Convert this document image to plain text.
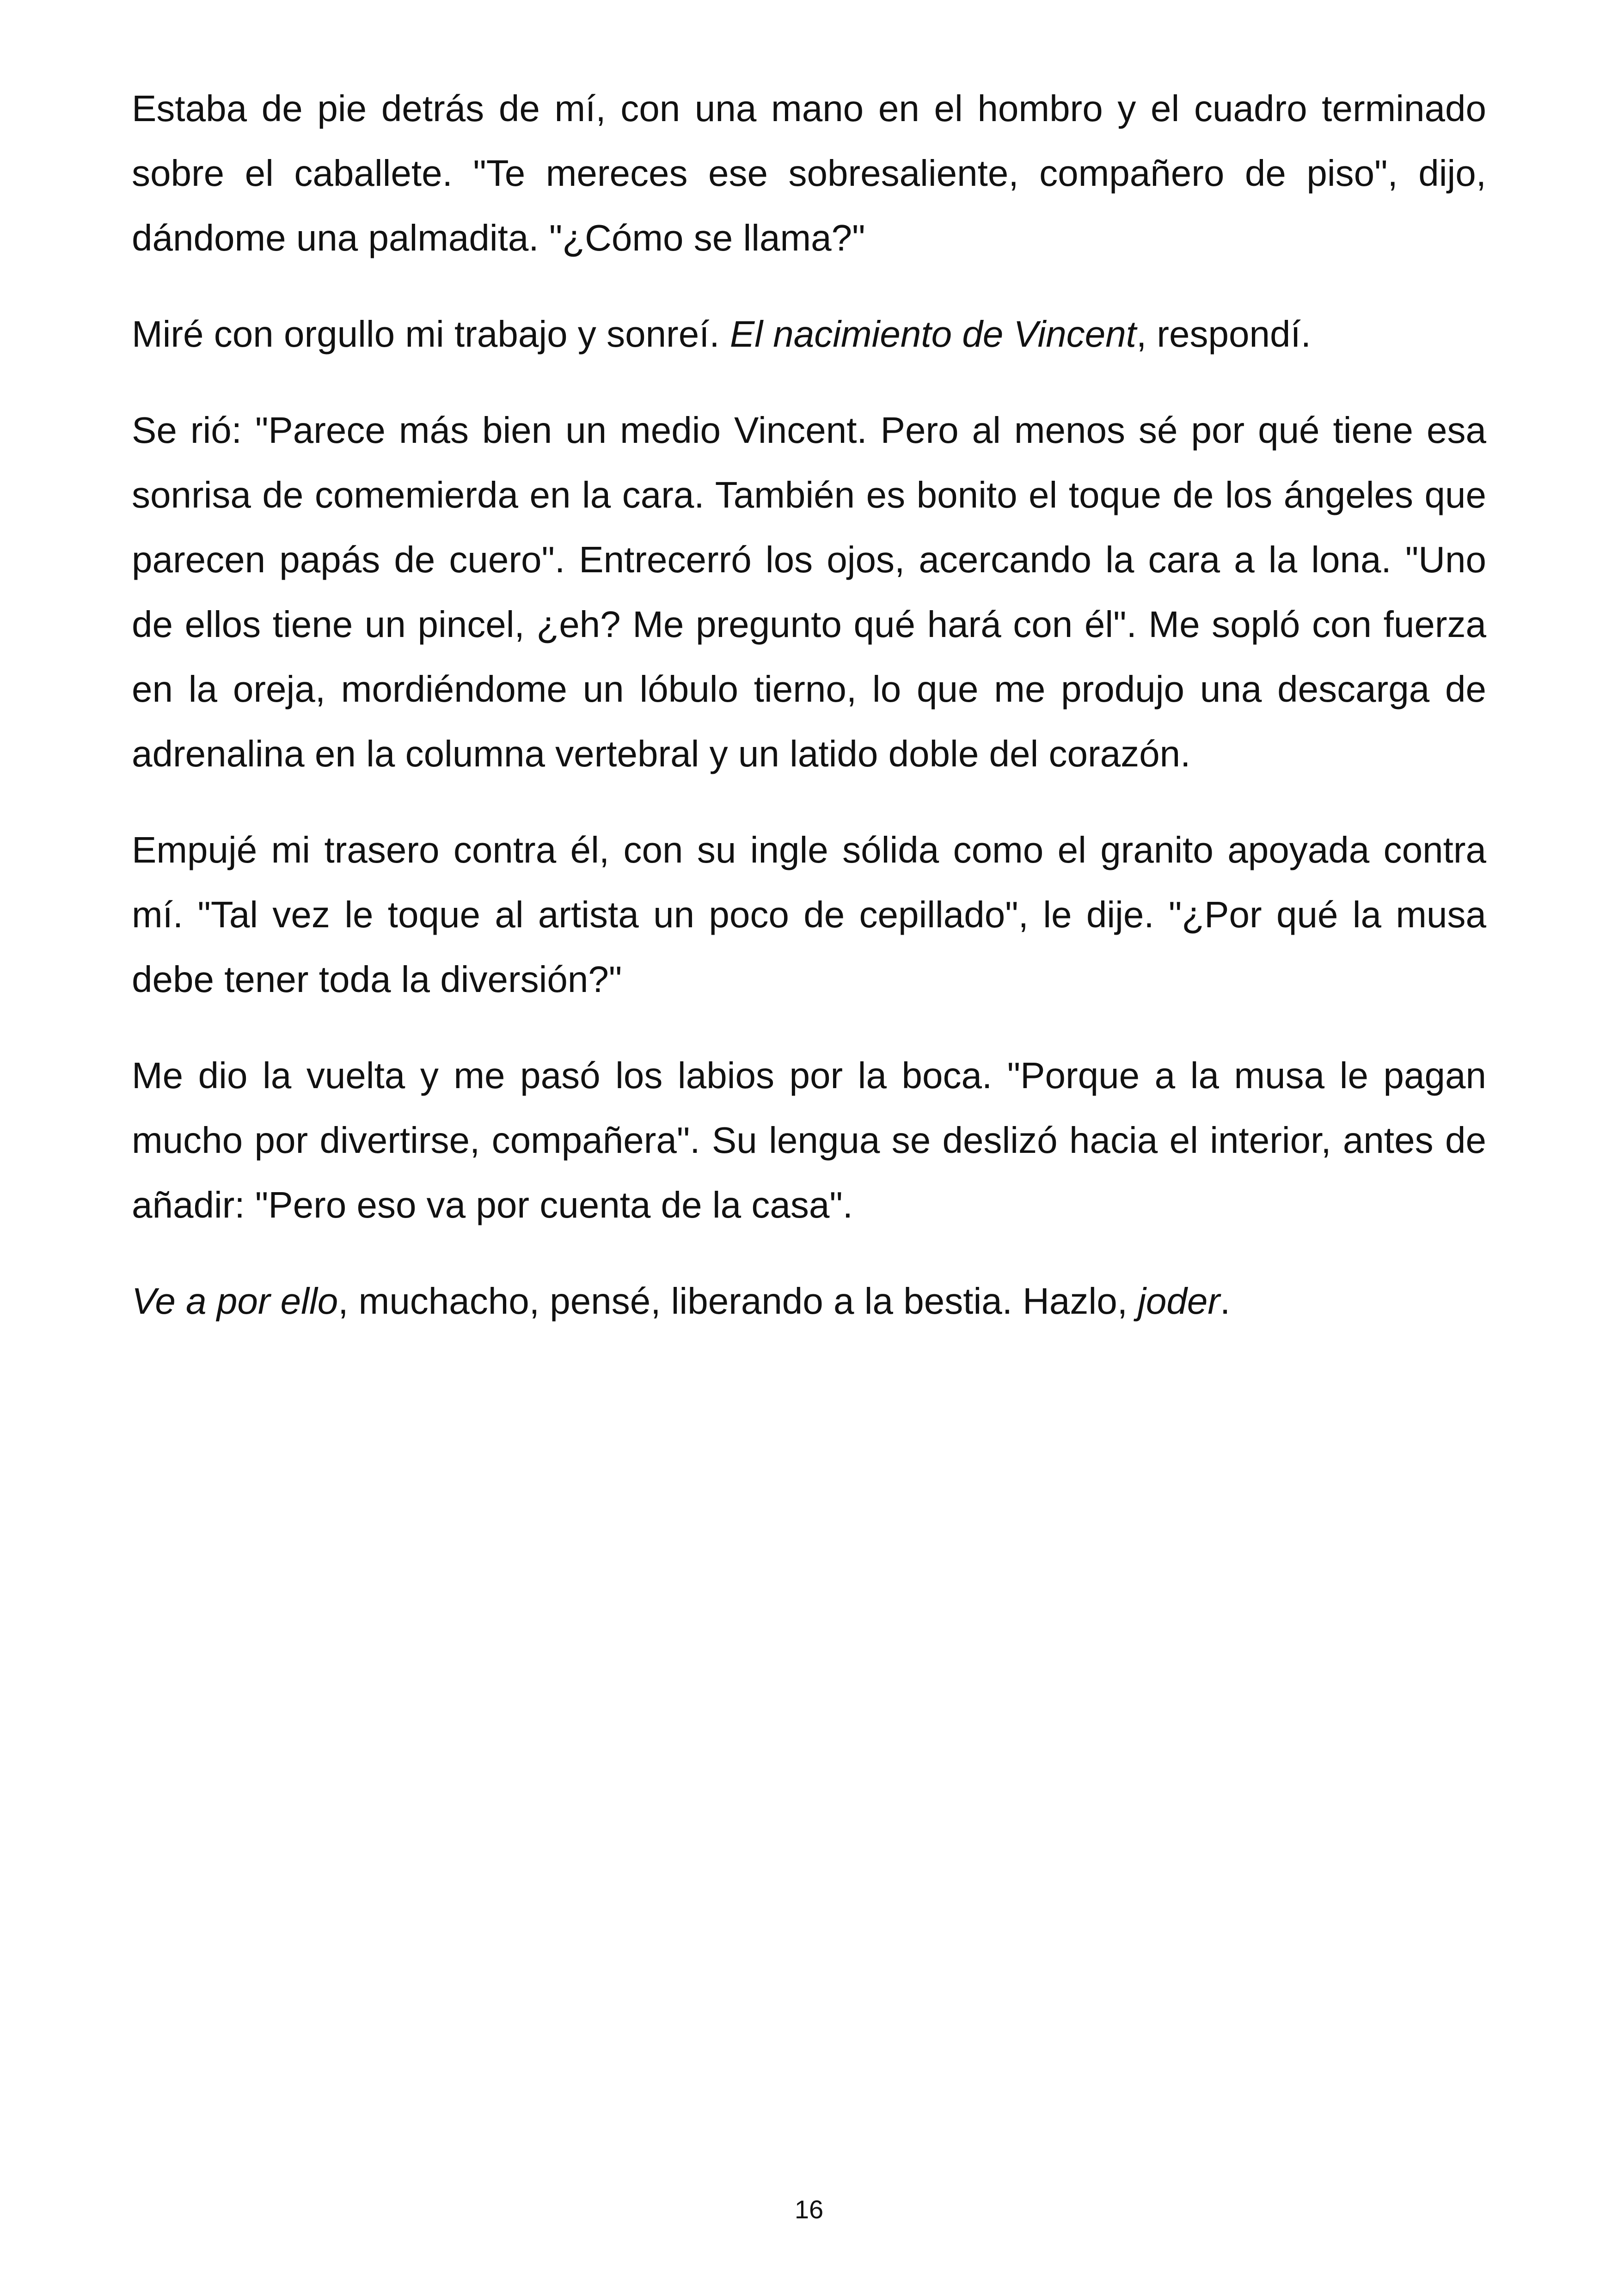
Estaba de pie detrás de mí, con una mano en el hombro y el cuadro terminado sobre el caballete. "Te mereces ese sobresaliente, compañero de piso", dijo, dándome una palmadita. "¿Cómo se llama?"

Miré con orgullo mi trabajo y sonreí. El nacimiento de Vincent, respondí.

Se rió: "Parece más bien un medio Vincent. Pero al menos sé por qué tiene esa sonrisa de comemierda en la cara. También es bonito el toque de los ángeles que parecen papás de cuero". Entrecerró los ojos, acercando la cara a la lona. "Uno de ellos tiene un pincel, ¿eh? Me pregunto qué hará con él". Me sopló con fuerza en la oreja, mordiéndome un lóbulo tierno, lo que me produjo una descarga de adrenalina en la columna vertebral y un latido doble del corazón.

Empujé mi trasero contra él, con su ingle sólida como el granito apoyada contra mí. "Tal vez le toque al artista un poco de cepillado", le dije. "¿Por qué la musa debe tener toda la diversión?"

Me dio la vuelta y me pasó los labios por la boca. "Porque a la musa le pagan mucho por divertirse, compañera". Su lengua se deslizó hacia el interior, antes de añadir: "Pero eso va por cuenta de la casa".

Ve a por ello, muchacho, pensé, liberando a la bestia. Hazlo, joder.

16
